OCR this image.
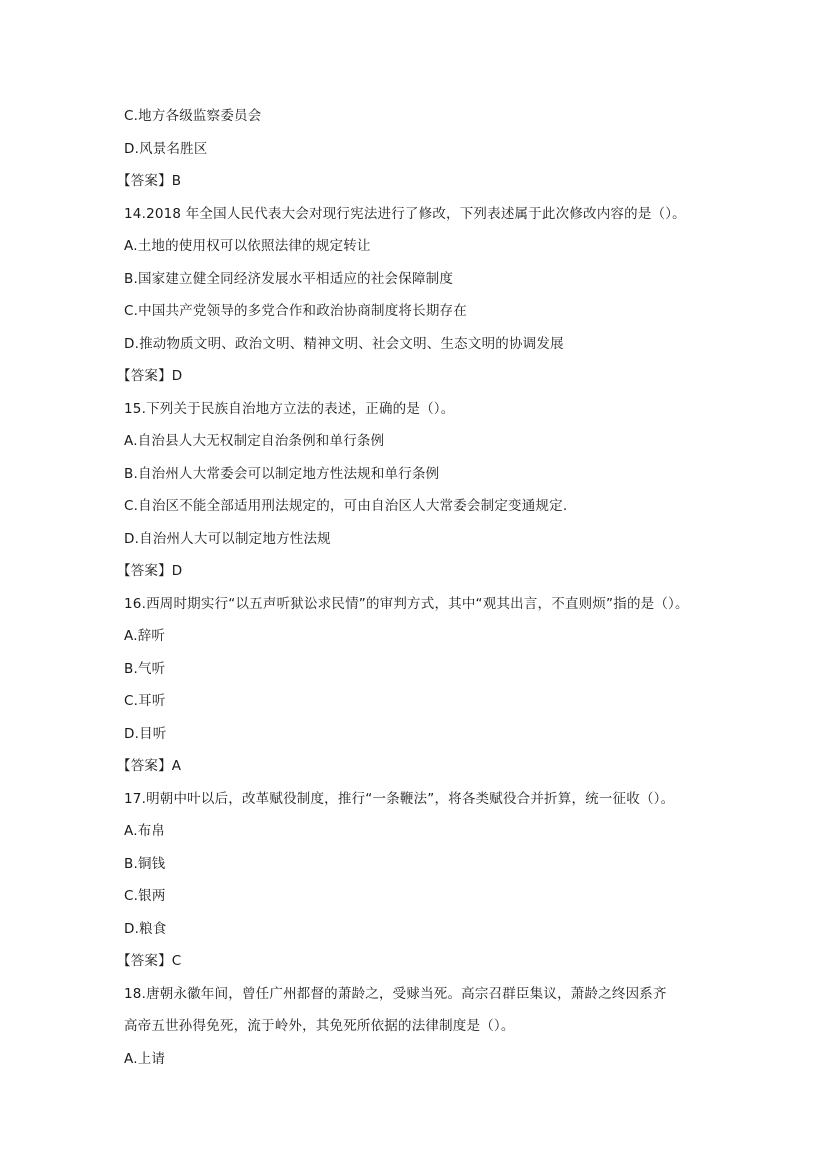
C.地方各级监察委员会
D.风景名胜区
【答案】B
14.2018 年全国人民代表大会对现行宪法进行了修改，下列表述属于此次修改内容的是（）。
A.土地的使用权可以依照法律的规定转让
B.国家建立健全同经济发展水平相适应的社会保障制度
C.中国共产党领导的多党合作和政治协商制度将长期存在
D.推动物质文明、政治文明、精神文明、社会文明、生态文明的协调发展
【答案】D
15.下列关于民族自治地方立法的表述，正确的是（）。
A.自治县人大无权制定自治条例和单行条例
B.自治州人大常委会可以制定地方性法规和单行条例
C.自治区不能全部适用刑法规定的，可由自治区人大常委会制定变通规定.
D.自治州人大可以制定地方性法规
【答案】D
16.西周时期实行“以五声听狱讼求民情”的审判方式，其中“观其出言，不直则烦”指的是（）。
A.辞听
B.气听
C.耳听
D.目听
【答案】A
17.明朝中叶以后，改革赋役制度，推行“一条鞭法”，将各类赋役合并折算，统一征收（）。
A.布帛
B.铜钱
C.银两
D.粮食
【答案】C
18.唐朝永徽年间，曾任广州都督的萧龄之，受赇当死。高宗召群臣集议，萧龄之终因系齐
高帝五世孙得免死，流于岭外，其免死所依据的法律制度是（）。
A.上请
